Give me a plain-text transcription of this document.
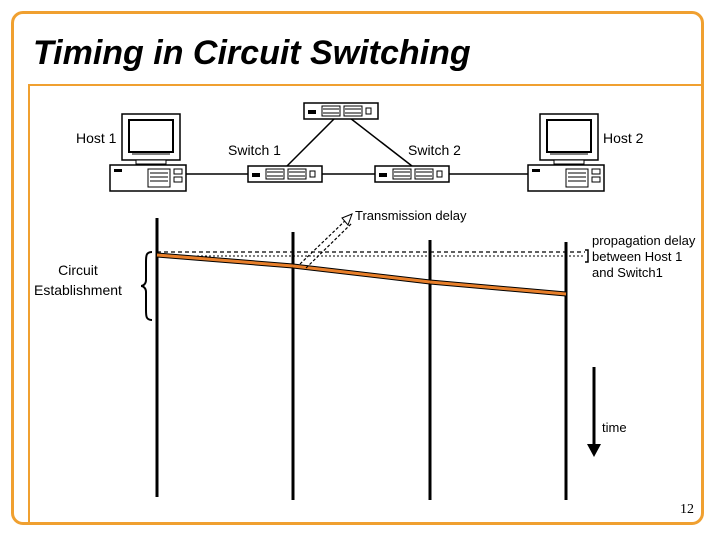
Timing in Circuit Switching
Host 1	Host 2
Switch 1	Switch 2
Transmission delay
propagation delay
between Host 1
and Switch1
Circuit
Establishment
time
12
